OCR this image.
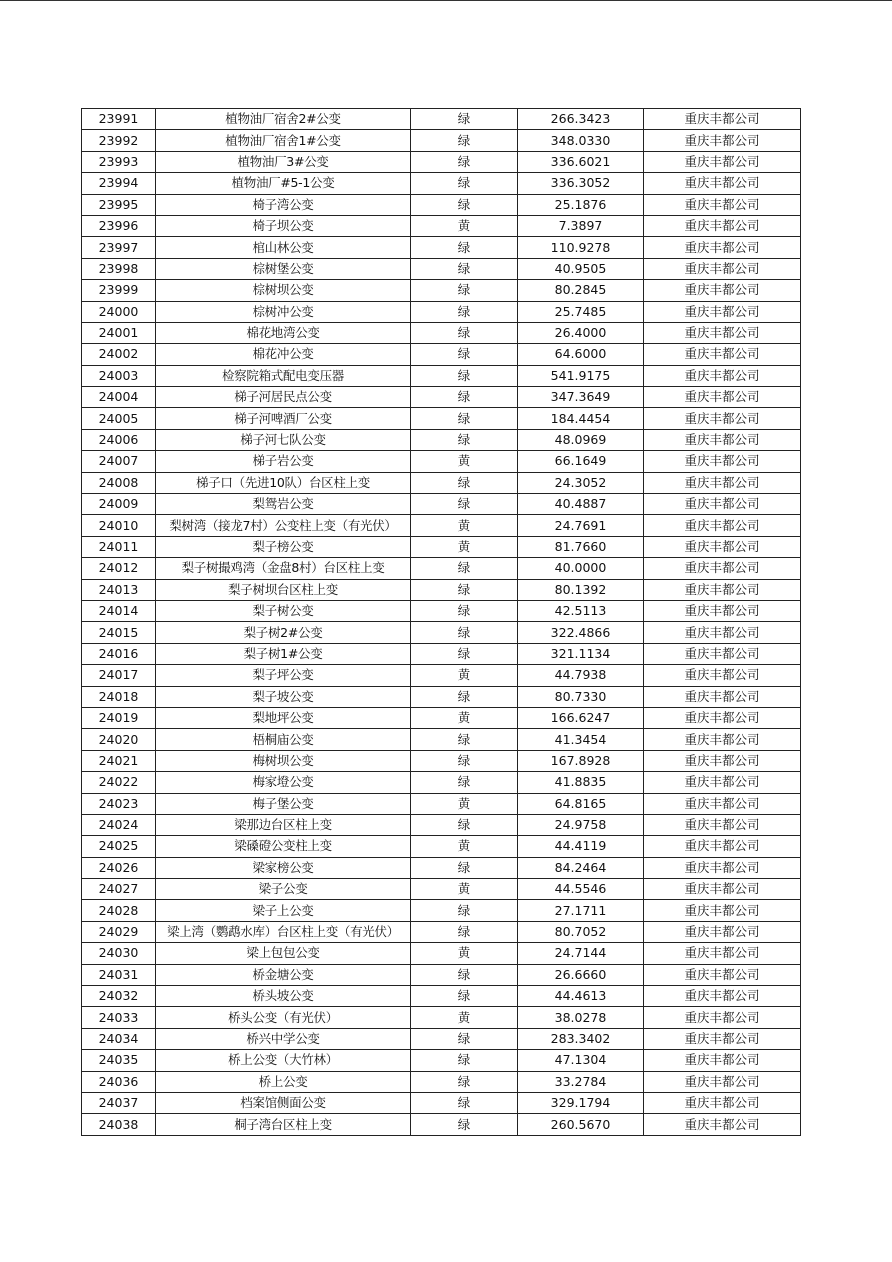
23991	植物油厂宿舍2#公变	绿	266.3423	重庆丰都公司
23992	植物油厂宿舍1#公变	绿	348.0330	重庆丰都公司
23993	植物油厂3#公变	绿	336.6021	重庆丰都公司
23994	植物油厂#5-1公变	绿	336.3052	重庆丰都公司
23995	椅子湾公变	绿	25.1876	重庆丰都公司
23996	椅子坝公变	黄	7.3897	重庆丰都公司
23997	棺山林公变	绿	110.9278	重庆丰都公司
23998	棕树堡公变	绿	40.9505	重庆丰都公司
23999	棕树坝公变	绿	80.2845	重庆丰都公司
24000	棕树冲公变	绿	25.7485	重庆丰都公司
24001	棉花地湾公变	绿	26.4000	重庆丰都公司
24002	棉花冲公变	绿	64.6000	重庆丰都公司
24003	检察院箱式配电变压器	绿	541.9175	重庆丰都公司
24004	梯子河居民点公变	绿	347.3649	重庆丰都公司
24005	梯子河啤酒厂公变	绿	184.4454	重庆丰都公司
24006	梯子河七队公变	绿	48.0969	重庆丰都公司
24007	梯子岩公变	黄	66.1649	重庆丰都公司
24008	梯子口（先进10队）台区柱上变	绿	24.3052	重庆丰都公司
24009	梨鸳岩公变	绿	40.4887	重庆丰都公司
24010	梨树湾（接龙7村）公变柱上变（有光伏）	黄	24.7691	重庆丰都公司
24011	梨子榜公变	黄	81.7660	重庆丰都公司
24012	梨子树撮鸡湾（金盘8村）台区柱上变	绿	40.0000	重庆丰都公司
24013	梨子树坝台区柱上变	绿	80.1392	重庆丰都公司
24014	梨子树公变	绿	42.5113	重庆丰都公司
24015	梨子树2#公变	绿	322.4866	重庆丰都公司
24016	梨子树1#公变	绿	321.1134	重庆丰都公司
24017	梨子坪公变	黄	44.7938	重庆丰都公司
24018	梨子坡公变	绿	80.7330	重庆丰都公司
24019	梨地坪公变	黄	166.6247	重庆丰都公司
24020	梧桐庙公变	绿	41.3454	重庆丰都公司
24021	梅树坝公变	绿	167.8928	重庆丰都公司
24022	梅家墱公变	绿	41.8835	重庆丰都公司
24023	梅子堡公变	黄	64.8165	重庆丰都公司
24024	梁那边台区柱上变	绿	24.9758	重庆丰都公司
24025	梁磉磴公变柱上变	黄	44.4119	重庆丰都公司
24026	梁家榜公变	绿	84.2464	重庆丰都公司
24027	梁子公变	黄	44.5546	重庆丰都公司
24028	梁子上公变	绿	27.1711	重庆丰都公司
24029	梁上湾（鹦鹉水库）台区柱上变（有光伏）	绿	80.7052	重庆丰都公司
24030	梁上包包公变	黄	24.7144	重庆丰都公司
24031	桥金塘公变	绿	26.6660	重庆丰都公司
24032	桥头坡公变	绿	44.4613	重庆丰都公司
24033	桥头公变（有光伏）	黄	38.0278	重庆丰都公司
24034	桥兴中学公变	绿	283.3402	重庆丰都公司
24035	桥上公变（大竹林）	绿	47.1304	重庆丰都公司
24036	桥上公变	绿	33.2784	重庆丰都公司
24037	档案馆侧面公变	绿	329.1794	重庆丰都公司
24038	桐子湾台区柱上变	绿	260.5670	重庆丰都公司
